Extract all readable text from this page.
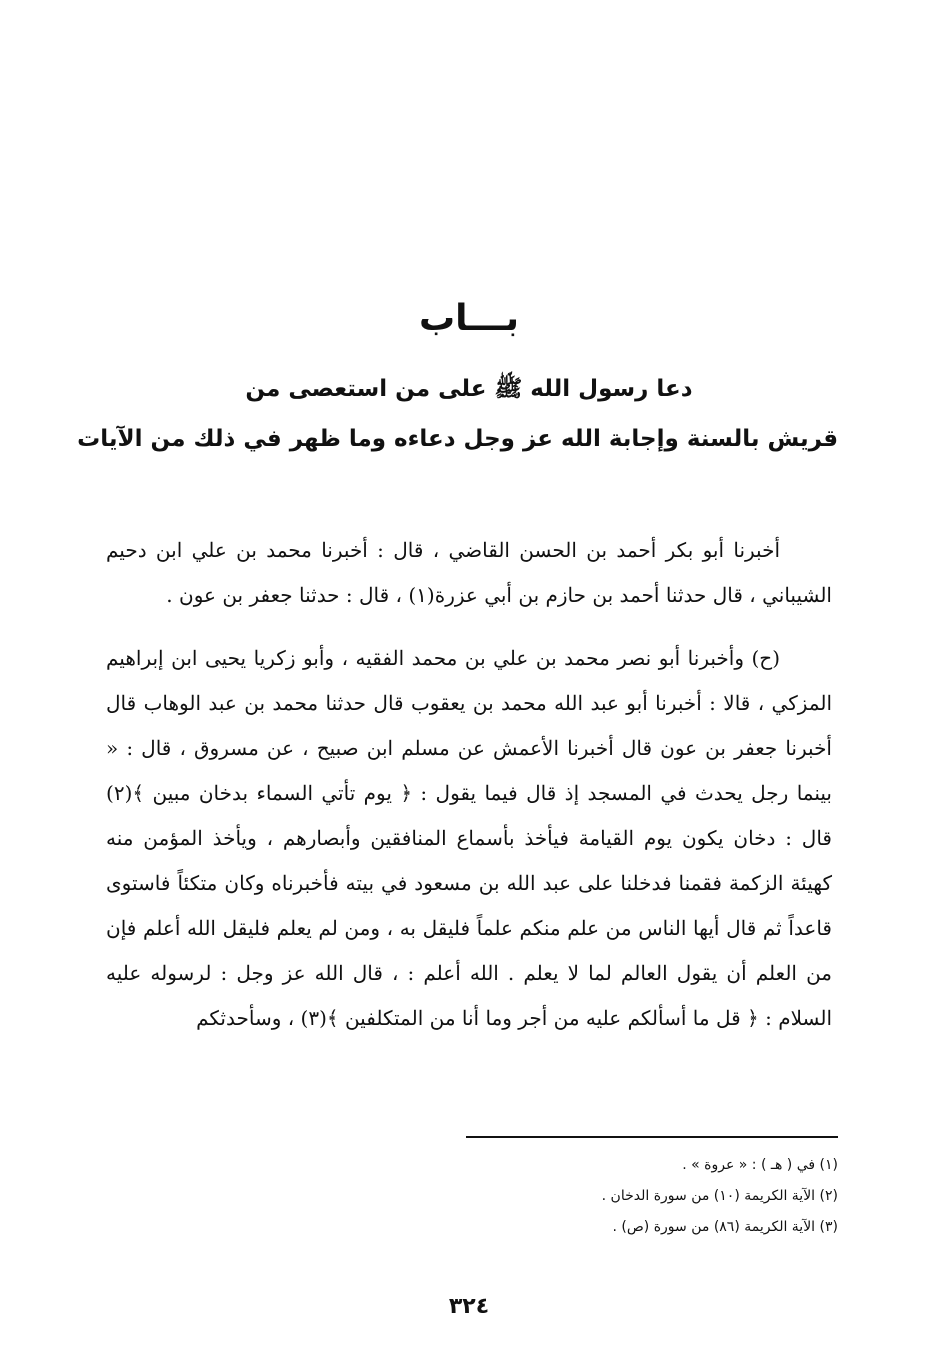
بـــاب
دعا رسول الله ﷺ على من استعصى من
قريش بالسنة وإجابة الله عز وجل دعاءه وما ظهر في ذلك من الآيات

أخبرنا أبو بكر أحمد بن الحسن القاضي ، قال : أخبرنا محمد بن علي ابن دحيم الشيباني ، قال حدثنا أحمد بن حازم بن أبي عزرة(١) ، قال : حدثنا جعفر بن عون .

(ح) وأخبرنا أبو نصر محمد بن علي بن محمد الفقيه ، وأبو زكريا يحيى ابن إبراهيم المزكي ، قالا : أخبرنا أبو عبد الله محمد بن يعقوب قال حدثنا محمد بن عبد الوهاب قال أخبرنا جعفر بن عون قال أخبرنا الأعمش عن مسلم ابن صبيح ، عن مسروق ، قال : « بينما رجل يحدث في المسجد إذ قال فيما يقول : ﴿ يوم تأتي السماء بدخان مبين ﴾(٢) قال : دخان يكون يوم القيامة فيأخذ بأسماع المنافقين وأبصارهم ، ويأخذ المؤمن منه كهيئة الزكمة فقمنا فدخلنا على عبد الله بن مسعود في بيته فأخبرناه وكان متكئاً فاستوى قاعداً ثم قال أيها الناس من علم منكم علماً فليقل به ، ومن لم يعلم فليقل الله أعلم فإن من العلم أن يقول العالم لما لا يعلم . الله أعلم : ، قال الله عز وجل : لرسوله عليه السلام : ﴿ قل ما أسألكم عليه من أجر وما أنا من المتكلفين ﴾(٣) ، وسأحدثكم

(١) في ( هـ ) : « عروة » .
(٢) الآية الكريمة (١٠) من سورة الدخان .
(٣) الآية الكريمة (٨٦) من سورة (ص) .
٣٢٤
